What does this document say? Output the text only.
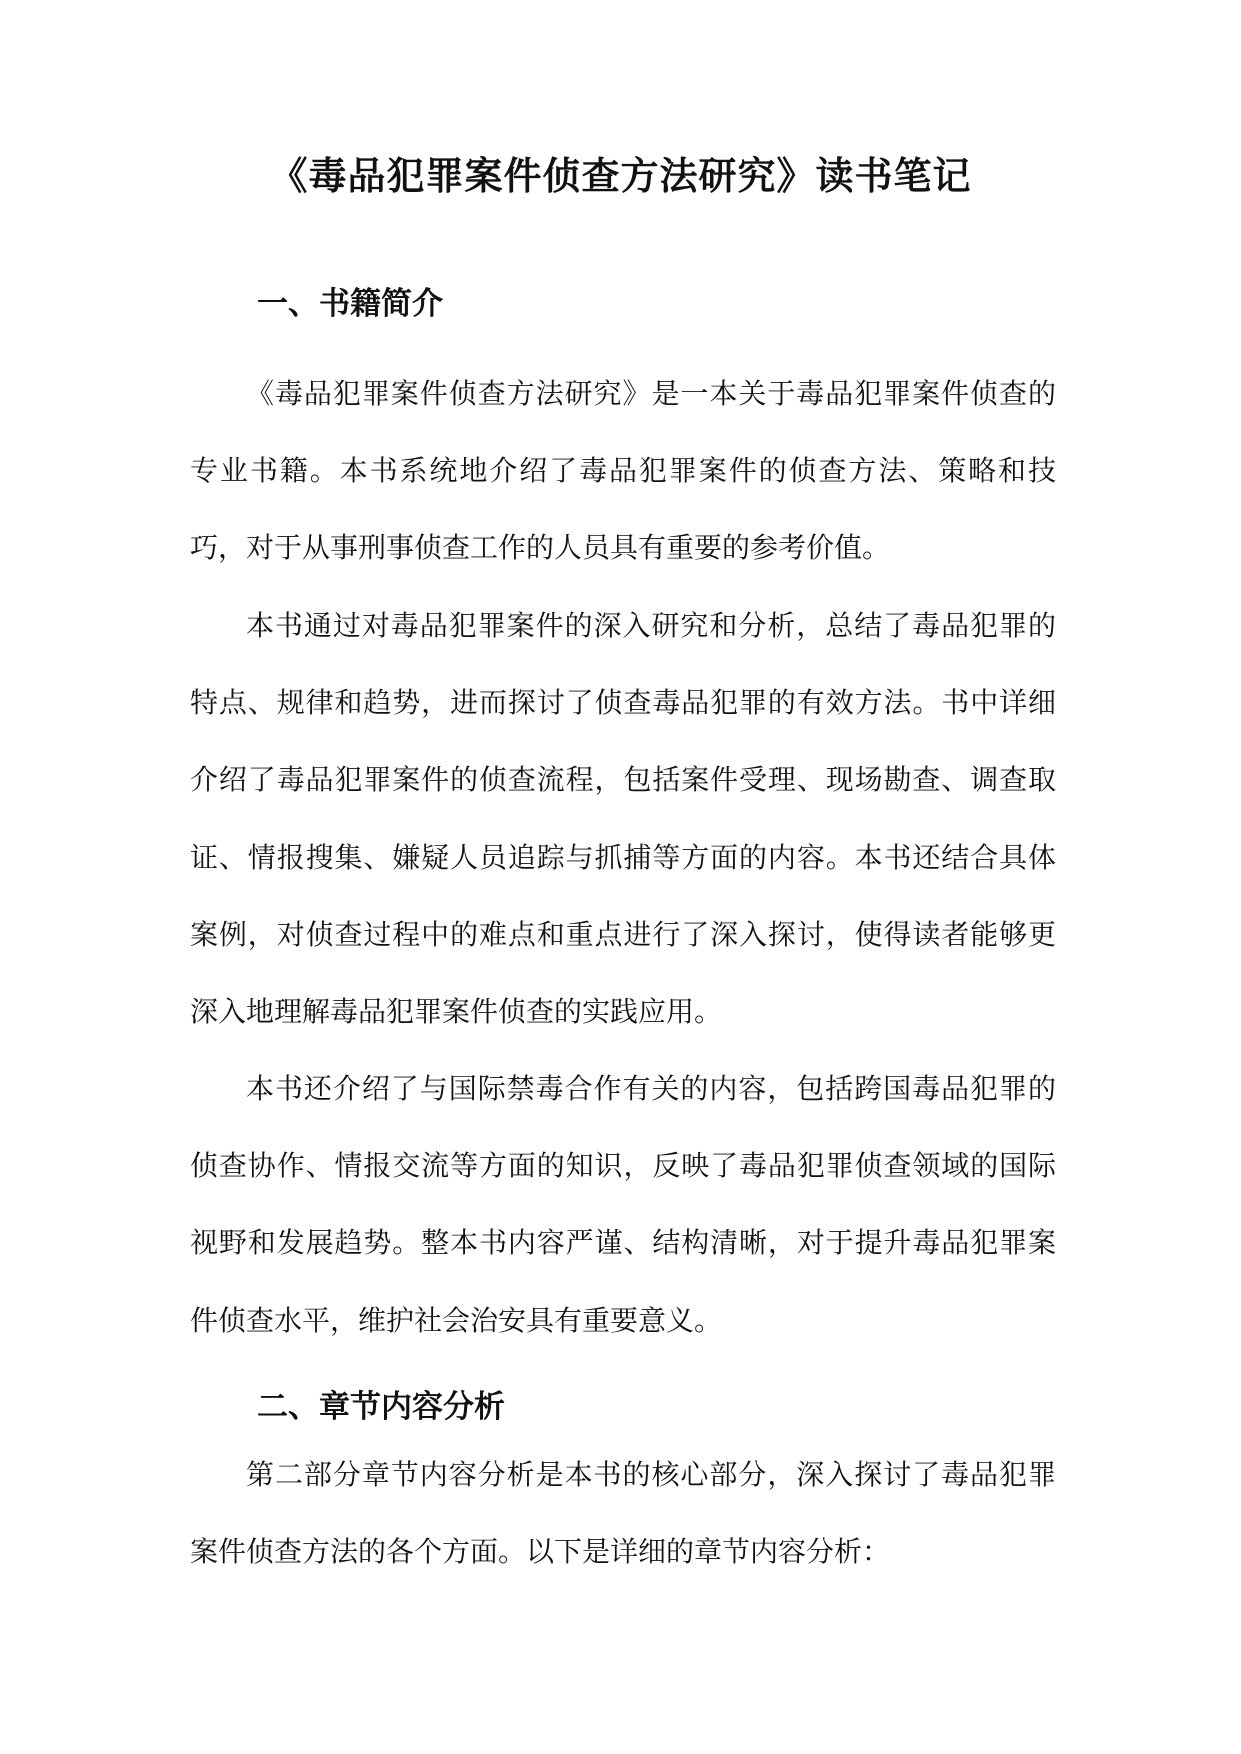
《毒品犯罪案件侦查方法研究》读书笔记
一、书籍简介

《毒品犯罪案件侦查方法研究》是一本关于毒品犯罪案件侦查的专业书籍。本书系统地介绍了毒品犯罪案件的侦查方法、策略和技巧，对于从事刑事侦查工作的人员具有重要的参考价值。

本书通过对毒品犯罪案件的深入研究和分析，总结了毒品犯罪的特点、规律和趋势，进而探讨了侦查毒品犯罪的有效方法。书中详细介绍了毒品犯罪案件的侦查流程，包括案件受理、现场勘查、调查取证、情报搜集、嫌疑人员追踪与抓捕等方面的内容。本书还结合具体案例，对侦查过程中的难点和重点进行了深入探讨，使得读者能够更深入地理解毒品犯罪案件侦查的实践应用。

本书还介绍了与国际禁毒合作有关的内容，包括跨国毒品犯罪的侦查协作、情报交流等方面的知识，反映了毒品犯罪侦查领域的国际视野和发展趋势。整本书内容严谨、结构清晰，对于提升毒品犯罪案件侦查水平，维护社会治安具有重要意义。

二、章节内容分析

第二部分章节内容分析是本书的核心部分，深入探讨了毒品犯罪案件侦查方法的各个方面。以下是详细的章节内容分析：
